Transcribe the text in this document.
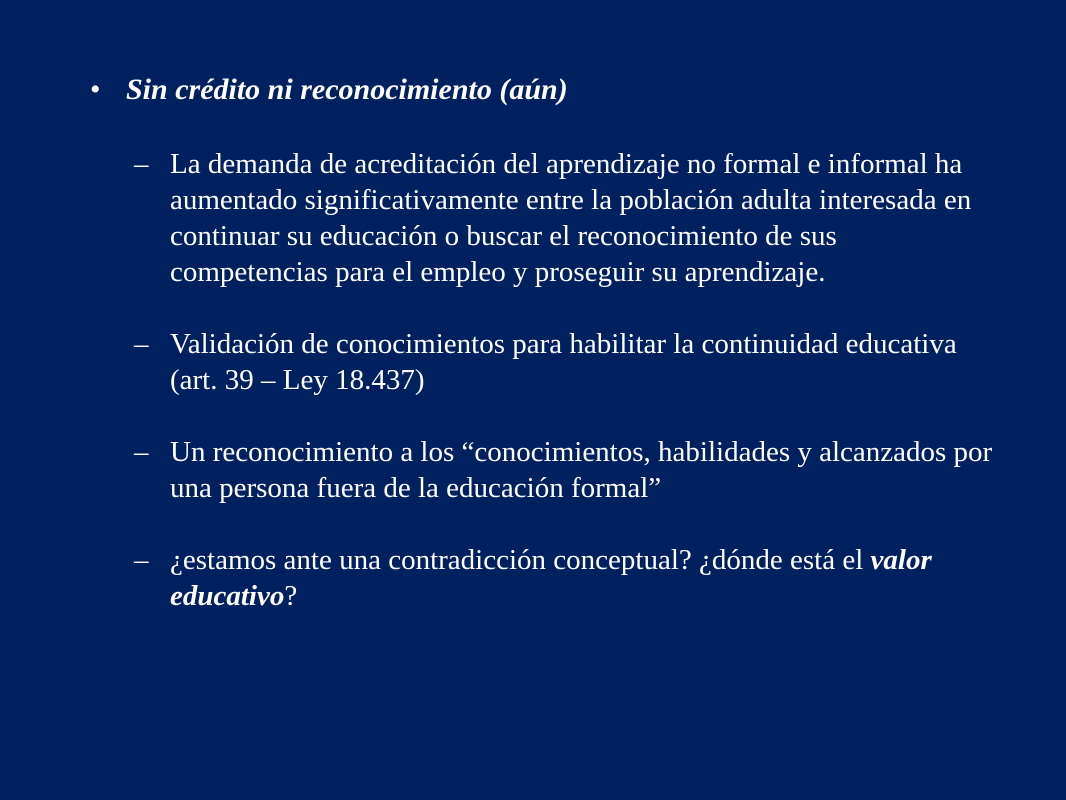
• Sin crédito ni reconocimiento (aún)
– La demanda de acreditación del aprendizaje no formal e informal ha aumentado significativamente entre la población adulta interesada en continuar su educación o buscar el reconocimiento de sus competencias para el empleo y proseguir su aprendizaje.
– Validación de conocimientos para habilitar la continuidad educativa (art. 39 – Ley 18.437)
– Un reconocimiento a los “conocimientos, habilidades y alcanzados por una persona fuera de la educación formal”
– ¿estamos ante una contradicción conceptual? ¿dónde está el valor educativo?
